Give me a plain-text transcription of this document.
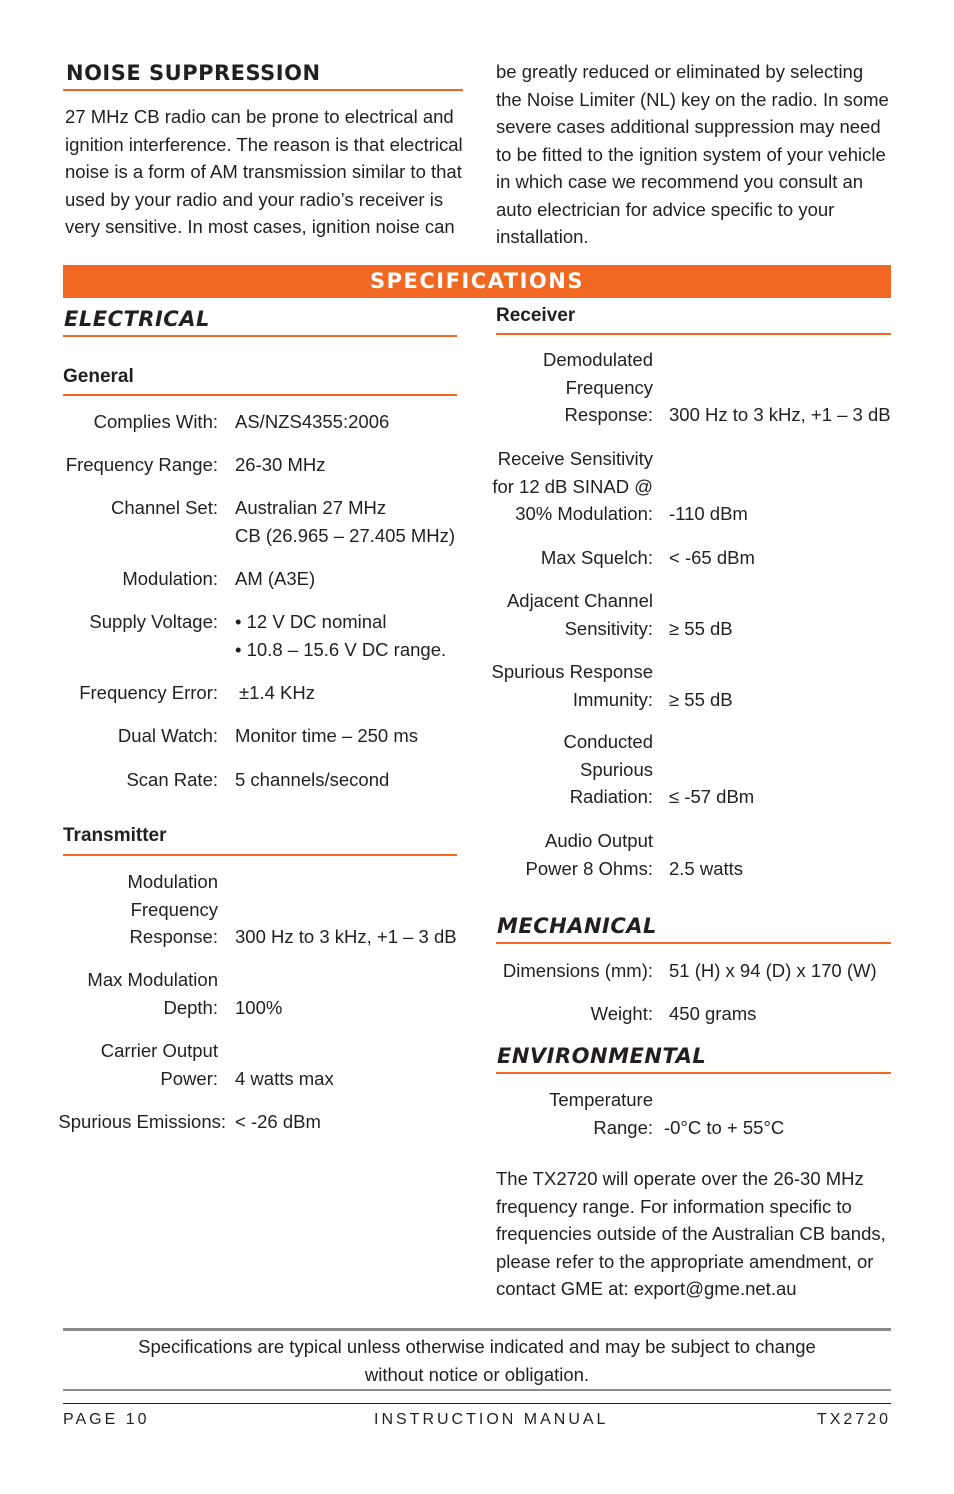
NOISE SUPPRESSION
27 MHz CB radio can be prone to electrical and ignition interference. The reason is that electrical noise is a form of AM transmission similar to that used by your radio and your radio’s receiver is very sensitive. In most cases, ignition noise can
be greatly reduced or eliminated by selecting the Noise Limiter (NL) key on the radio. In some severe cases additional suppression may need to be fitted to the ignition system of your vehicle in which case we recommend you consult an auto electrician for advice specific to your installation.
SPECIFICATIONS
ELECTRICAL
General
Complies With: AS/NZS4355:2006
Frequency Range: 26-30 MHz
Channel Set: Australian 27 MHz
CB (26.965 – 27.405 MHz)
Modulation: AM (A3E)
Supply Voltage: • 12 V DC nominal
• 10.8 – 15.6 V DC range.
Frequency Error: ±1.4 KHz
Dual Watch: Monitor time – 250 ms
Scan Rate: 5 channels/second
Transmitter
Modulation
Frequency
Response: 300 Hz to 3 kHz, +1 – 3 dB
Max Modulation
Depth: 100%
Carrier Output
Power: 4 watts max
Spurious Emissions: < -26 dBm
Receiver
Demodulated
Frequency
Response: 300 Hz to 3 kHz, +1 – 3 dB
Receive Sensitivity
for 12 dB SINAD @
30% Modulation: -110 dBm
Max Squelch: < -65 dBm
Adjacent Channel
Sensitivity: ≥ 55 dB
Spurious Response
Immunity: ≥ 55 dB
Conducted
Spurious
Radiation: ≤ -57 dBm
Audio Output
Power 8 Ohms: 2.5 watts
MECHANICAL
Dimensions (mm): 51 (H) x 94 (D) x 170 (W)
Weight: 450 grams
ENVIRONMENTAL
Temperature
Range: -0°C to + 55°C
The TX2720 will operate over the 26-30 MHz frequency range. For information specific to frequencies outside of the Australian CB bands, please refer to the appropriate amendment, or contact GME at: export@gme.net.au
Specifications are typical unless otherwise indicated and may be subject to change without notice or obligation.
PAGE 10	INSTRUCTION MANUAL	TX2720
